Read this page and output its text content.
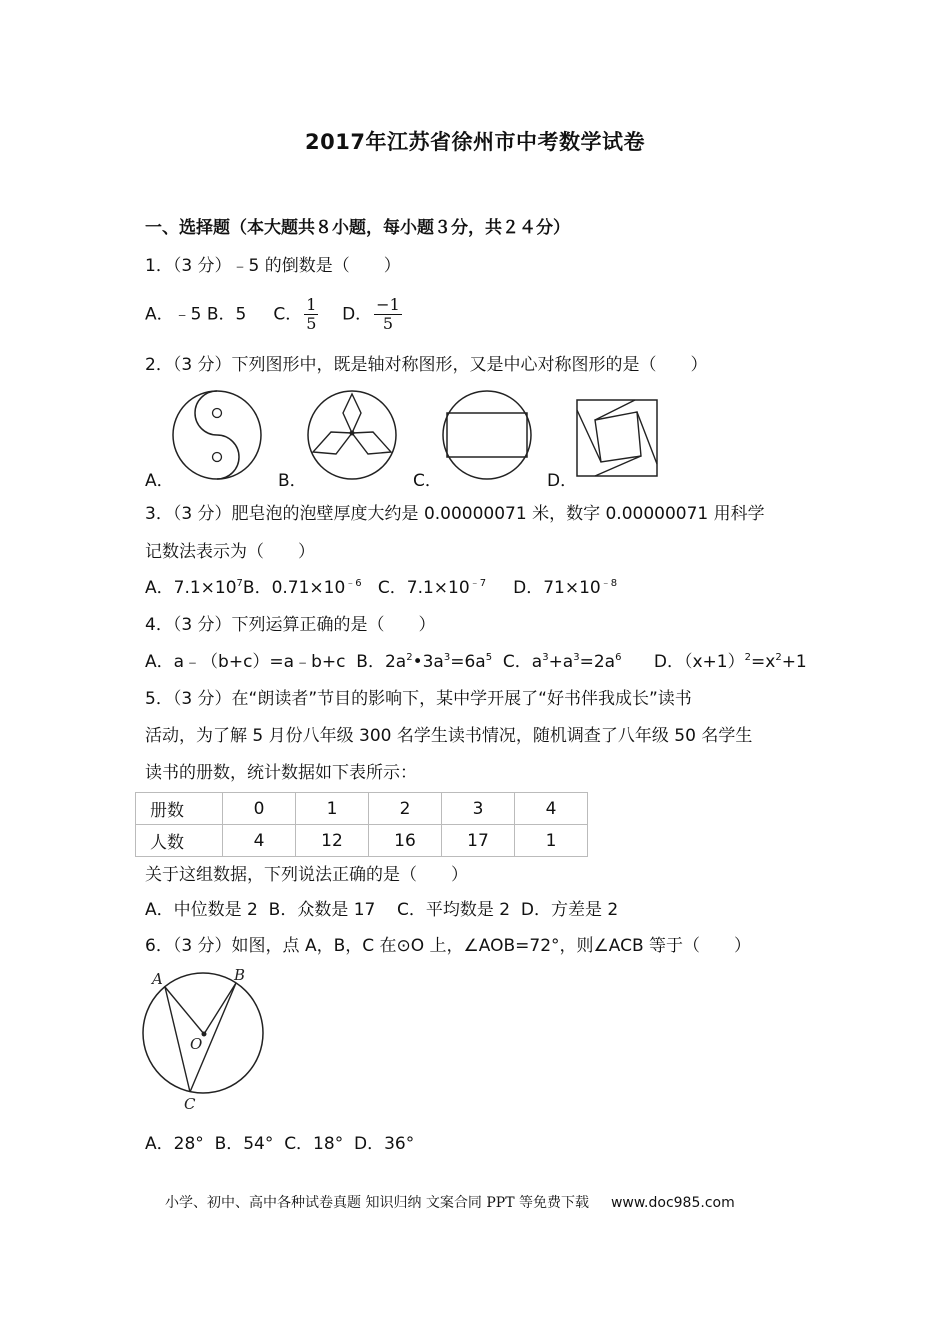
2017年江苏省徐州市中考数学试卷
一、选择题（本大题共８小题，每小题３分，共２４分）
1．（3 分）﹣5 的倒数是（　　）
A．﹣5 B．5 C． $\frac{1}{5}$ D． $\frac{-1}{5}$
2．（3 分）下列图形中，既是轴对称图形，又是中心对称图形的是（　　）
A．	B．	C．	D．
3．（3 分）肥皂泡的泡壁厚度大约是 0.00000071 米，数字 0.00000071 用科学
记数法表示为（　　）
A．$7.1\times 10^7B$．$0.71\times 10^{﹣6}$ C．$7.1\times 10^{﹣7}$ D．$71\times 10^{﹣8}$
4．（3 分）下列运算正确的是（　　）
A．a﹣（b+c）=a﹣b+c B．$2a^2•3a^3=6a^5$ C．$a^3+a^3=2a^6$ D．$(x+1)^2=x^2+1$
5．（3 分）在“朗读者”节目的影响下，某中学开展了“好书伴我成长”读书
活动，为了解 5 月份八年级 300 名学生读书情况，随机调查了八年级 50 名学生
读书的册数，统计数据如下表所示：
册数	0	1	2	3	4
人数	4	12	16	17	1
关于这组数据，下列说法正确的是（　　）
A．中位数是 2 B．众数是 17 C．平均数是 2 D．方差是 2
6．（3 分）如图，点 A，B，C 在⊙O 上，∠AOB=72°，则∠ACB 等于（　　）
A	B
O
C
A．28° B．54° C．18° D．36°
小学、初中、高中各种试卷真题 知识归纳 文案合同 PPT 等免费下载 www.doc985.com
